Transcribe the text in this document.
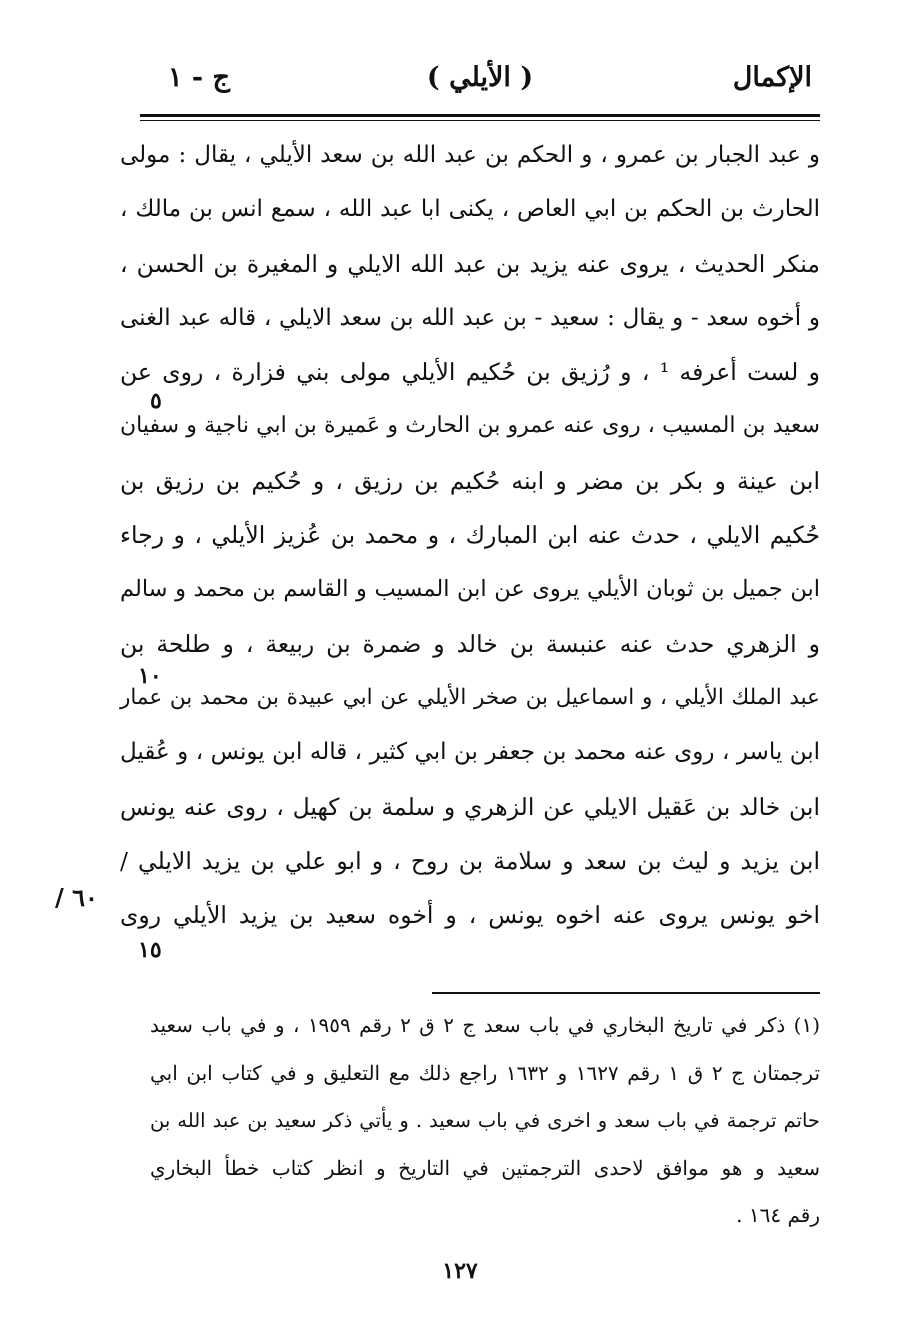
الإكمال
( الأيلي )
ج - ١
و عبد الجبار بن عمرو ، و الحكم بن عبد الله بن سعد الأيلي ، يقال : مولى
الحارث بن الحكم بن ابي العاص ، يكنى ابا عبد الله ، سمع انس بن مالك ،
منكر الحديث ، يروى عنه يزيد بن عبد الله الايلي و المغيرة بن الحسن ،
و أخوه سعد - و يقال : سعيد - بن عبد الله بن سعد الايلي ، قاله عبد الغنى
و لست أعرفه ¹ ، و رُزيق بن حُكيم الأيلي مولى بني فزارة ، روى عن
سعيد بن المسيب ، روى عنه عمرو بن الحارث و عَميرة بن ابي ناجية و سفيان
ابن عينة و بكر بن مضر و ابنه حُكيم بن رزيق ، و حُكيم بن رزيق بن
حُكيم الايلي ، حدث عنه ابن المبارك ، و محمد بن عُزيز الأيلي ، و رجاء
ابن جميل بن ثوبان الأيلي يروى عن ابن المسيب و القاسم بن محمد و سالم
و الزهري حدث عنه عنبسة بن خالد و ضمرة بن ربيعة ، و طلحة بن
عبد الملك الأيلي ، و اسماعيل بن صخر الأيلي عن ابي عبيدة بن محمد بن عمار
ابن ياسر ، روى عنه محمد بن جعفر بن ابي كثير ، قاله ابن يونس ، و عُقيل
ابن خالد بن عَقيل الايلي عن الزهري و سلمة بن كهيل ، روى عنه يونس
ابن يزيد و ليث بن سعد و سلامة بن روح ، و ابو علي بن يزيد الايلي /
اخو يونس يروى عنه اخوه يونس ، و أخوه سعيد بن يزيد الأيلي روى
٥
١٠
١٥
/ ٦٠
(١) ذكر في تاريخ البخاري في باب سعد ج ٢ ق ٢ رقم ١٩٥٩ ، و في باب سعيد
ترجمتان ج ٢ ق ١ رقم ١٦٢٧ و ١٦٣٢ راجع ذلك مع التعليق و في كتاب ابن ابي
حاتم ترجمة في باب سعد و اخرى في باب سعيد . و يأتي ذكر سعيد بن عبد الله بن
سعيد و هو موافق لاحدى الترجمتين في التاريخ و انظر كتاب خطأ البخاري
رقم ١٦٤ .
١٢٧
